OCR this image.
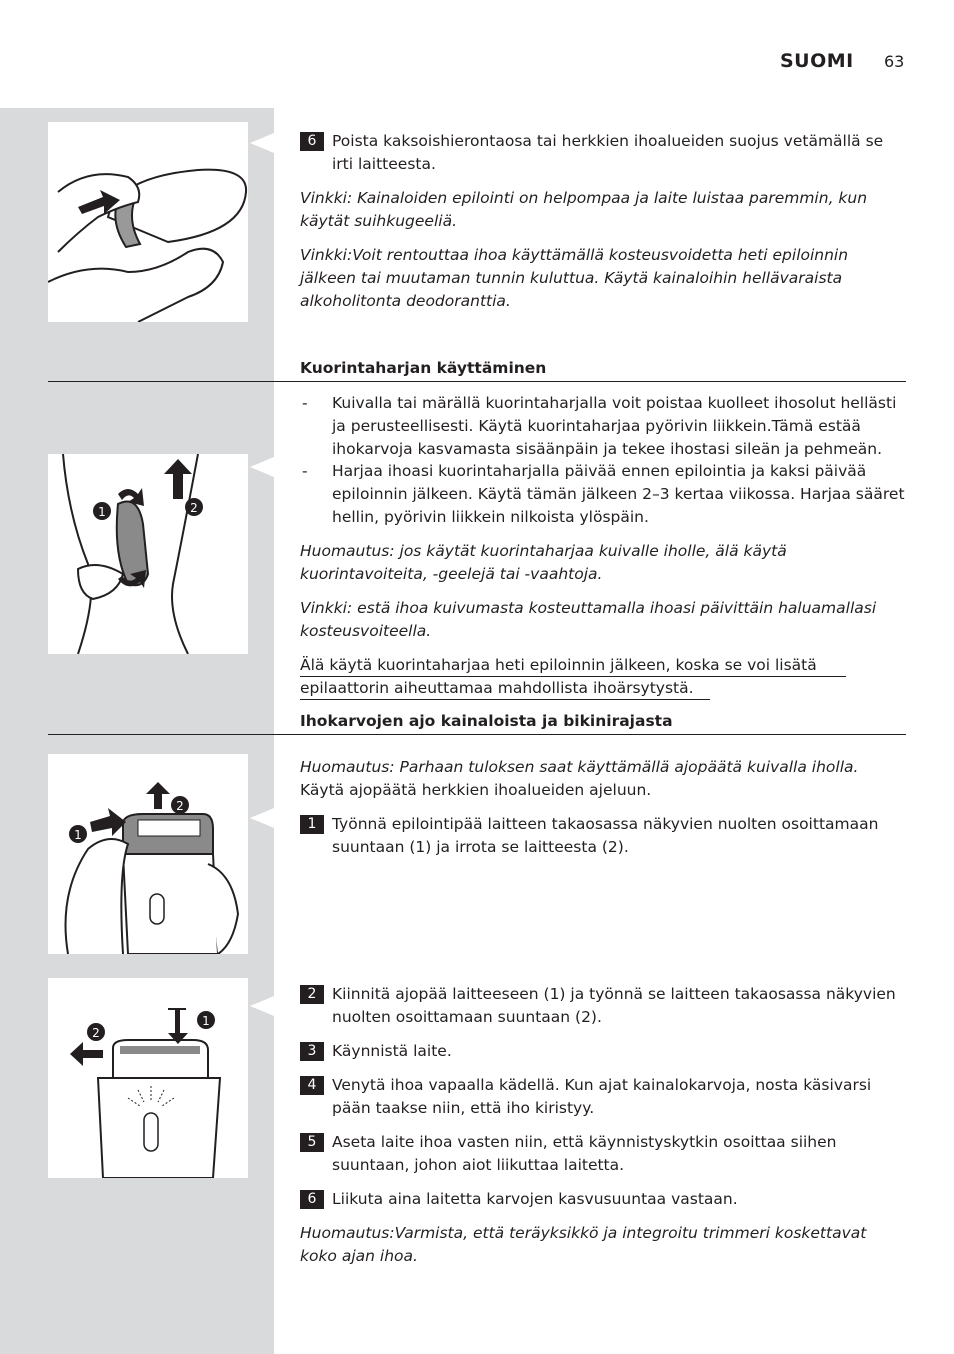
SUOMI 63
1	2
1
2
1
2
6	Poista kaksoishierontaosa tai herkkien ihoalueiden suojus vetämällä se irti laitteesta.
Vinkki: Kainaloiden epilointi on helpompaa ja laite luistaa paremmin, kun käytät suihkugeeliä.
Vinkki:Voit rentouttaa ihoa käyttämällä kosteusvoidetta heti epiloinnin jälkeen tai muutaman tunnin kuluttua. Käytä kainaloihin hellävaraista alkoholitonta deodoranttia.
Kuorintaharjan käyttäminen
- Kuivalla tai märällä kuorintaharjalla voit poistaa kuolleet ihosolut hellästi ja perusteellisesti. Käytä kuorintaharjaa pyörivin liikkein.Tämä estää ihokarvoja kasvamasta sisäänpäin ja tekee ihostasi sileän ja pehmeän.
- Harjaa ihoasi kuorintaharjalla päivää ennen epilointia ja kaksi päivää epiloinnin jälkeen. Käytä tämän jälkeen 2–3 kertaa viikossa. Harjaa sääret hellin, pyörivin liikkein nilkoista ylöspäin.
Huomautus: jos käytät kuorintaharjaa kuivalle iholle, älä käytä kuorintavoiteita, -geelejä tai -vaahtoja.
Vinkki: estä ihoa kuivumasta kosteuttamalla ihoasi päivittäin haluamallasi kosteusvoiteella.
Älä käytä kuorintaharjaa heti epiloinnin jälkeen, koska se voi lisätä
epilaattorin aiheuttamaa mahdollista ihoärsytystä.
Ihokarvojen ajo kainaloista ja bikinirajasta
Huomautus: Parhaan tuloksen saat käyttämällä ajopäätä kuivalla iholla.
Käytä ajopäätä herkkien ihoalueiden ajeluun.
1	Työnnä epilointipää laitteen takaosassa näkyvien nuolten osoittamaan suuntaan (1) ja irrota se laitteesta (2).
2	Kiinnitä ajopää laitteeseen (1) ja työnnä se laitteen takaosassa näkyvien nuolten osoittamaan suuntaan (2).
3	Käynnistä laite.
4	Venytä ihoa vapaalla kädellä. Kun ajat kainalokarvoja, nosta käsivarsi pään taakse niin, että iho kiristyy.
5	Aseta laite ihoa vasten niin, että käynnistyskytkin osoittaa siihen suuntaan, johon aiot liikuttaa laitetta.
6	Liikuta aina laitetta karvojen kasvusuuntaa vastaan.
Huomautus:Varmista, että teräyksikkö ja integroitu trimmeri koskettavat koko ajan ihoa.
